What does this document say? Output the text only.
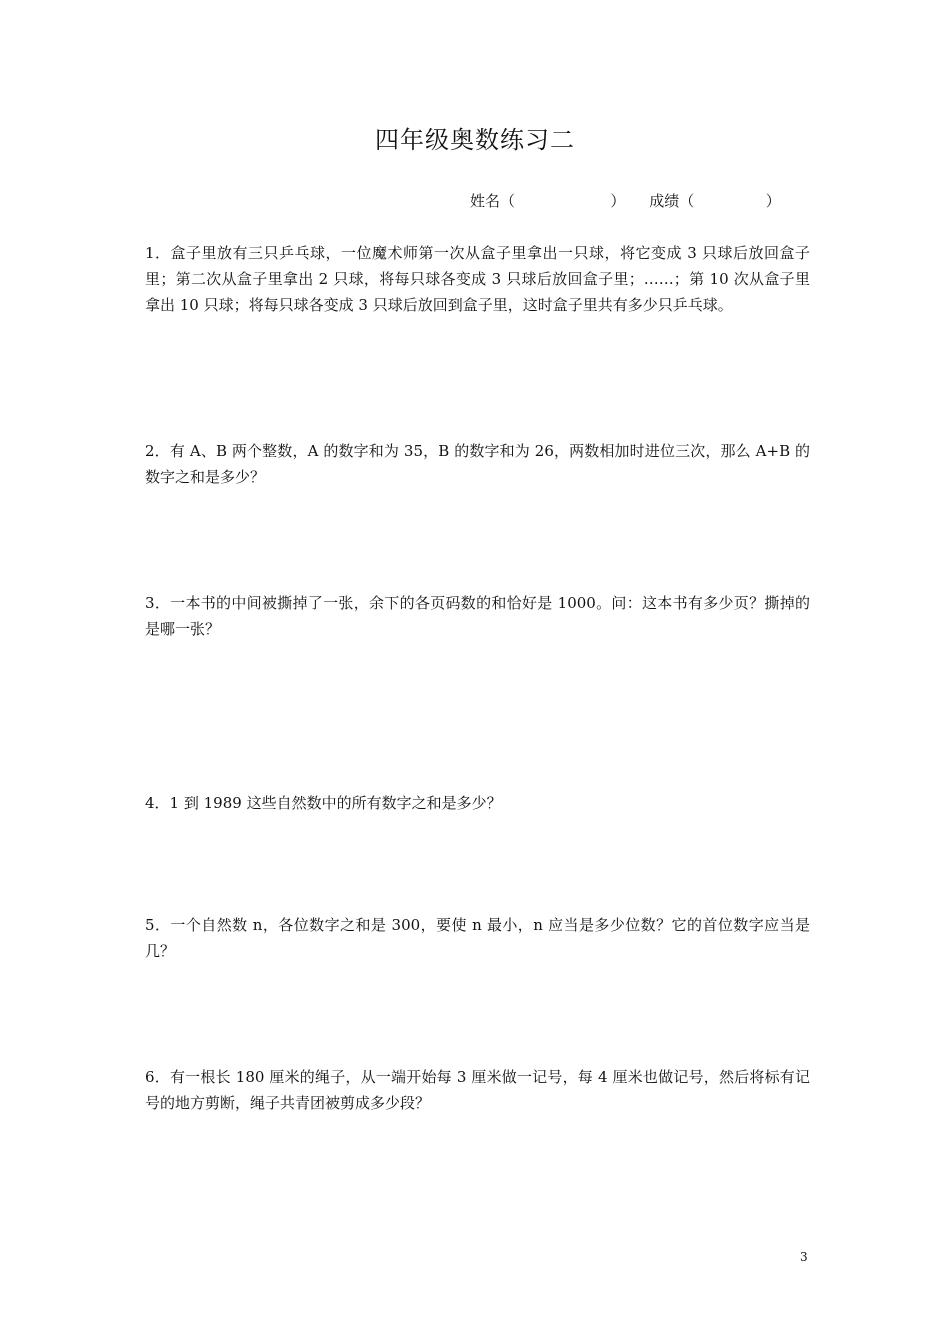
四年级奥数练习二
姓名（	） 成绩（	）

1．盒子里放有三只乒乓球，一位魔术师第一次从盒子里拿出一只球，将它变成 3 只球后放回盒子里；第二次从盒子里拿出 2 只球，将每只球各变成 3 只球后放回盒子里；……；第 10 次从盒子里拿出 10 只球；将每只球各变成 3 只球后放回到盒子里，这时盒子里共有多少只乒乓球。

2．有 A、B 两个整数，A 的数字和为 35，B 的数字和为 26，两数相加时进位三次，那么 A+B 的数字之和是多少？

3．一本书的中间被撕掉了一张，余下的各页码数的和恰好是 1000。问：这本书有多少页？撕掉的是哪一张？

4．1 到 1989 这些自然数中的所有数字之和是多少？

5．一个自然数 n，各位数字之和是 300，要使 n 最小，n 应当是多少位数？它的首位数字应当是几？

6．有一根长 180 厘米的绳子，从一端开始每 3 厘米做一记号，每 4 厘米也做记号，然后将标有记号的地方剪断，绳子共青团被剪成多少段？

3
